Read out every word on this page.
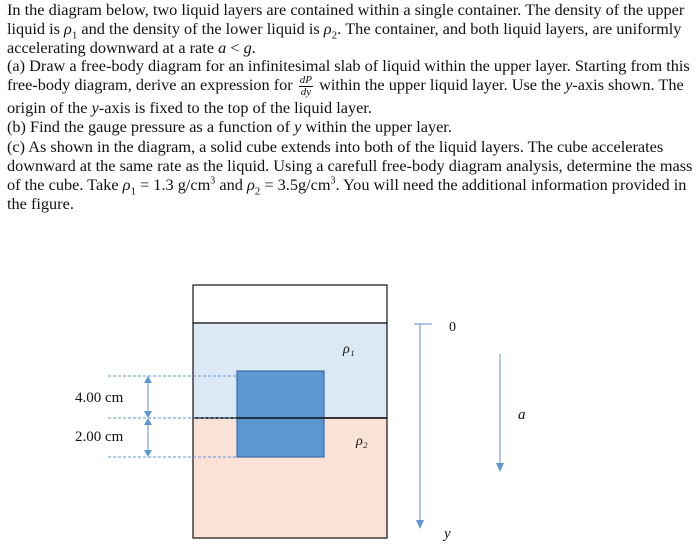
In the diagram below, two liquid layers are contained within a single container. The density of the upper liquid is $\rho_1$ and the density of the lower liquid is $\rho_2$. The container, and both liquid layers, are uniformly accelerating downward at a rate a < g.

(a) Draw a free-body diagram for an infinitesimal slab of liquid within the upper layer. Starting from this free-body diagram, derive an expression for $\frac{dP}{dy}$ within the upper liquid layer. Use the y-axis shown. The origin of the y-axis is fixed to the top of the liquid layer.

(b) Find the gauge pressure as a function of y within the upper layer.

(c) As shown in the diagram, a solid cube extends into both of the liquid layers. The cube accelerates downward at the same rate as the liquid. Using a carefull free-body diagram analysis, determine the mass of the cube. Take $\rho_1 = 1.3$ $g/cm^3$ and $\rho_2 = 3.5g/cm^3$. You will need the additional information provided in the figure.

4.00 cm
2.00 cm
ρ₁
ρ₂
0
y
a⃗
